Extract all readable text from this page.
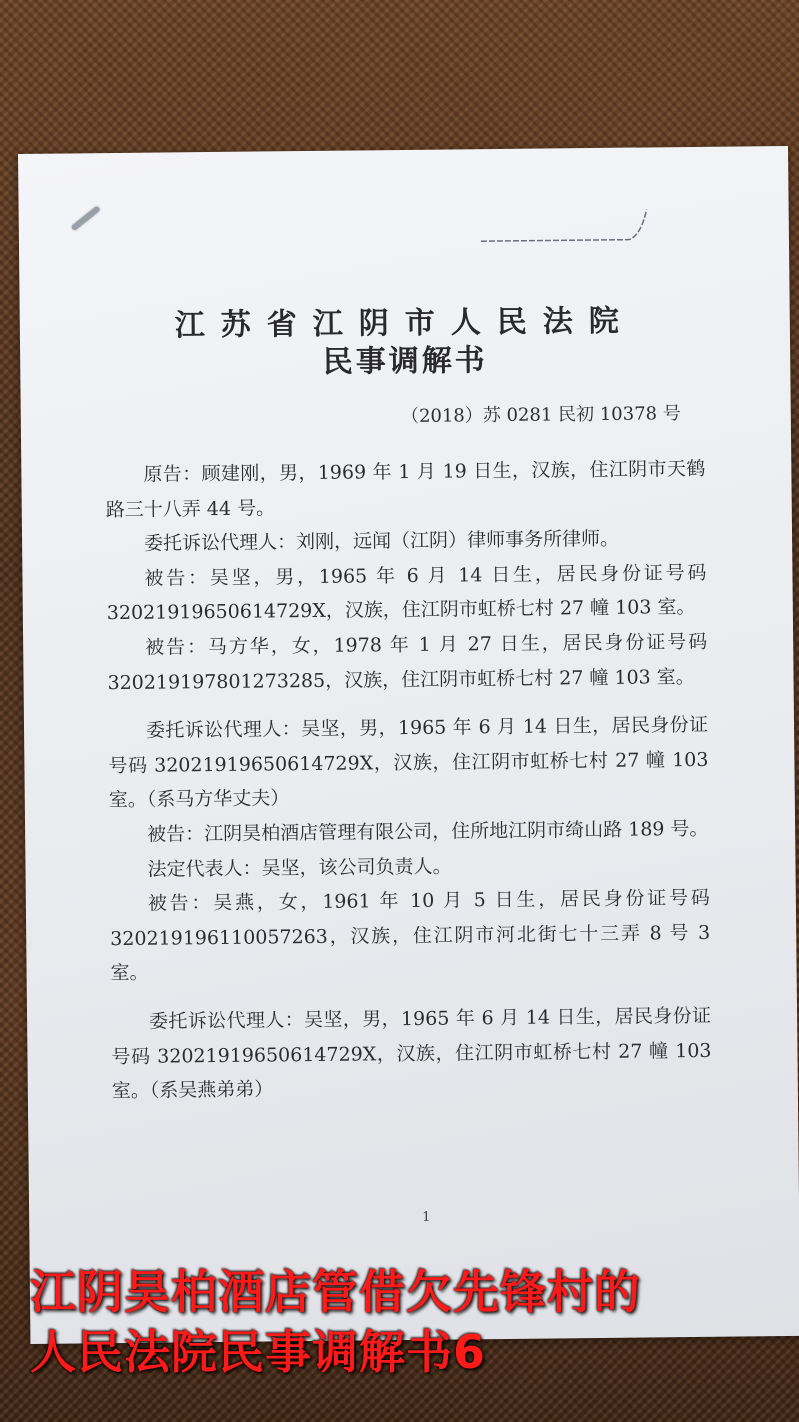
江苏省江阴市人民法院
民事调解书
（2018）苏 0281 民初 10378 号

原告：顾建刚，男，1969 年 1 月 19 日生，汉族，住江阴市天鹤路三十八弄 44 号。

委托诉讼代理人：刘刚，远闻（江阴）律师事务所律师。

被告：吴坚，男，1965 年 6 月 14 日生，居民身份证号码 32021919650614729X，汉族，住江阴市虹桥七村 27 幢 103 室。

被告：马方华，女，1978 年 1 月 27 日生，居民身份证号码 320219197801273285，汉族，住江阴市虹桥七村 27 幢 103 室。

委托诉讼代理人：吴坚，男，1965 年 6 月 14 日生，居民身份证号码 32021919650614729X，汉族，住江阴市虹桥七村 27 幢 103 室。（系马方华丈夫）

被告：江阴昊柏酒店管理有限公司，住所地江阴市绮山路 189 号。

法定代表人：吴坚，该公司负责人。

被告：吴燕，女，1961 年 10 月 5 日生，居民身份证号码 320219196110057263，汉族，住江阴市河北街七十三弄 8 号 3 室。

委托诉讼代理人：吴坚，男，1965 年 6 月 14 日生，居民身份证号码 32021919650614729X，汉族，住江阴市虹桥七村 27 幢 103 室。（系吴燕弟弟）

1
江阴昊柏酒店管借欠先锋村的
人民法院民事调解书6
